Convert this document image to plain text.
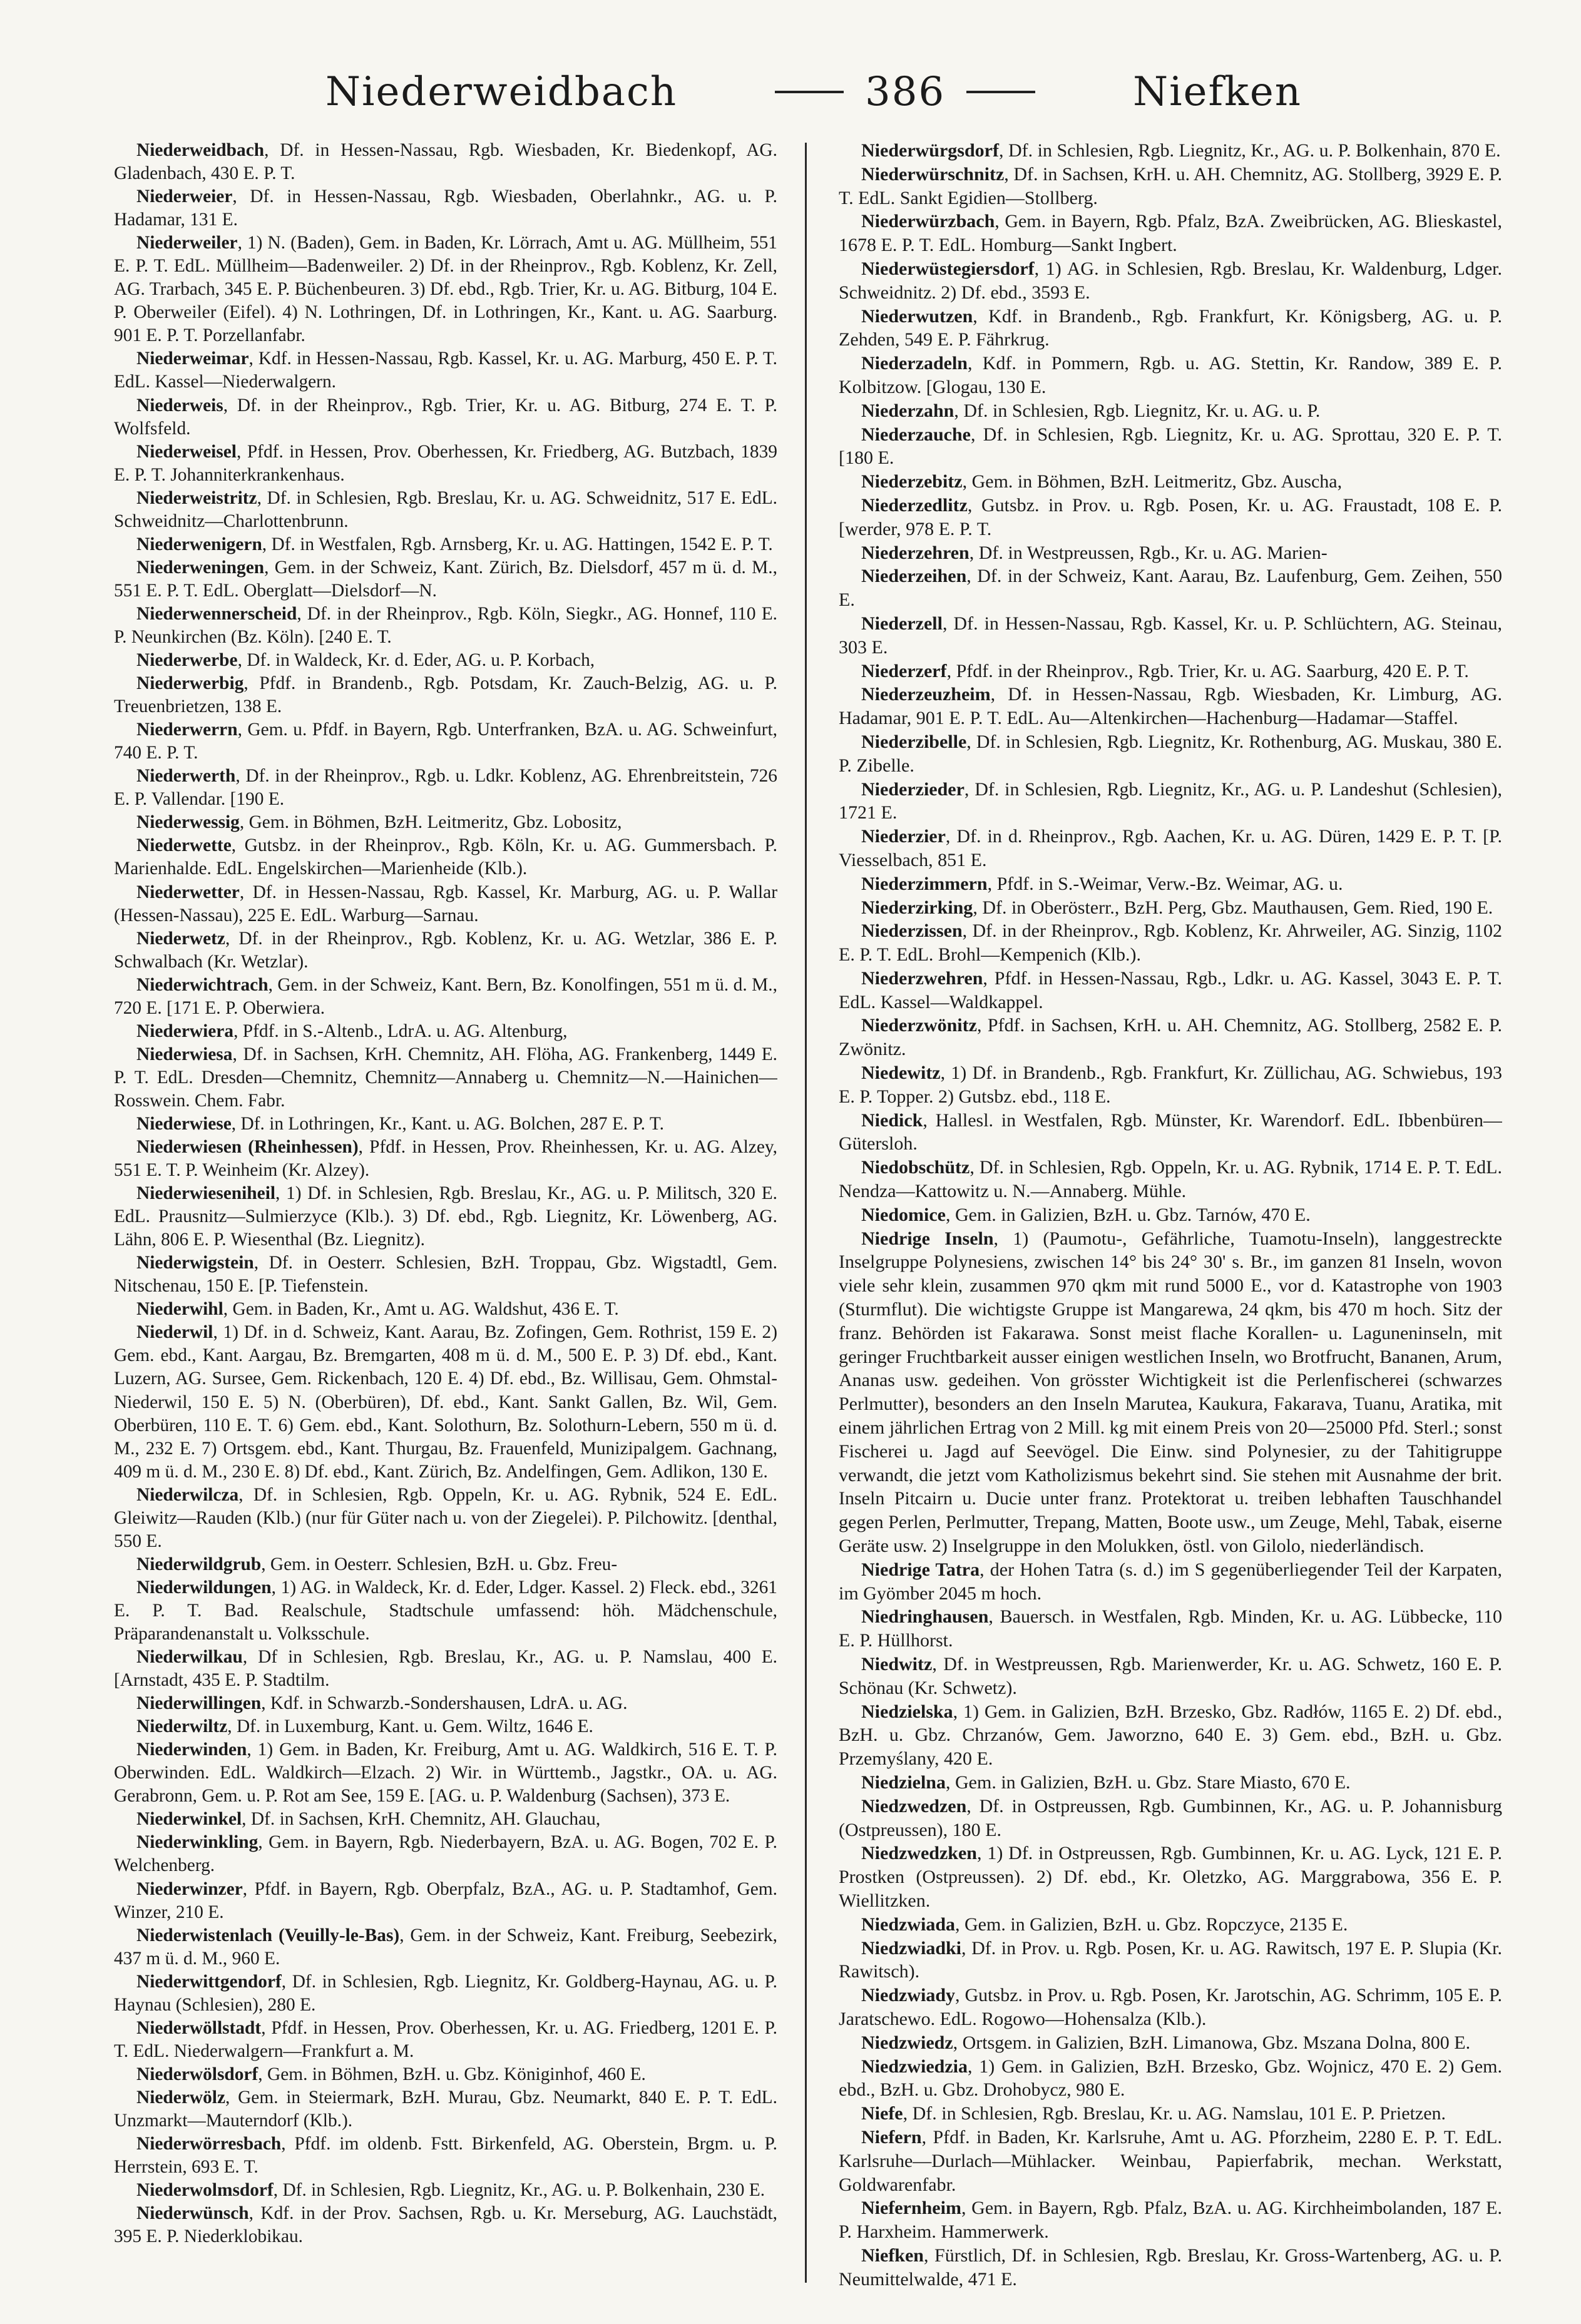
Niederweidbach	386	Niefken

Niederweidbach, Df. in Hessen-Nassau, Rgb. Wiesbaden, Kr. Biedenkopf, AG. Gladenbach, 430 E. P. T.

Niederweier, Df. in Hessen-Nassau, Rgb. Wiesbaden, Oberlahnkr., AG. u. P. Hadamar, 131 E.

Niederweiler, 1) N. (Baden), Gem. in Baden, Kr. Lörrach, Amt u. AG. Müllheim, 551 E. P. T. EdL. Müllheim—Badenweiler. 2) Df. in der Rheinprov., Rgb. Koblenz, Kr. Zell, AG. Trarbach, 345 E. P. Büchenbeuren. 3) Df. ebd., Rgb. Trier, Kr. u. AG. Bitburg, 104 E. P. Oberweiler (Eifel). 4) N. Lothringen, Df. in Lothringen, Kr., Kant. u. AG. Saarburg. 901 E. P. T. Porzellanfabr.

Niederweimar, Kdf. in Hessen-Nassau, Rgb. Kassel, Kr. u. AG. Marburg, 450 E. P. T. EdL. Kassel—Niederwalgern.

Niederweis, Df. in der Rheinprov., Rgb. Trier, Kr. u. AG. Bitburg, 274 E. T. P. Wolfsfeld.

Niederweisel, Pfdf. in Hessen, Prov. Oberhessen, Kr. Friedberg, AG. Butzbach, 1839 E. P. T. Johanniterkrankenhaus.

Niederweistritz, Df. in Schlesien, Rgb. Breslau, Kr. u. AG. Schweidnitz, 517 E. EdL. Schweidnitz—Charlottenbrunn.

Niederwenigern, Df. in Westfalen, Rgb. Arnsberg, Kr. u. AG. Hattingen, 1542 E. P. T.

Niederweningen, Gem. in der Schweiz, Kant. Zürich, Bz. Dielsdorf, 457 m ü. d. M., 551 E. P. T. EdL. Oberglatt—Dielsdorf—N.

Niederwennerscheid, Df. in der Rheinprov., Rgb. Köln, Siegkr., AG. Honnef, 110 E. P. Neunkirchen (Bz. Köln). [240 E. T.

Niederwerbe, Df. in Waldeck, Kr. d. Eder, AG. u. P. Korbach,

Niederwerbig, Pfdf. in Brandenb., Rgb. Potsdam, Kr. Zauch-Belzig, AG. u. P. Treuenbrietzen, 138 E.

Niederwerrn, Gem. u. Pfdf. in Bayern, Rgb. Unterfranken, BzA. u. AG. Schweinfurt, 740 E. P. T.

Niederwerth, Df. in der Rheinprov., Rgb. u. Ldkr. Koblenz, AG. Ehrenbreitstein, 726 E. P. Vallendar. [190 E.

Niederwessig, Gem. in Böhmen, BzH. Leitmeritz, Gbz. Lobositz,

Niederwette, Gutsbz. in der Rheinprov., Rgb. Köln, Kr. u. AG. Gummersbach. P. Marienhalde. EdL. Engelskirchen—Marienheide (Klb.).

Niederwetter, Df. in Hessen-Nassau, Rgb. Kassel, Kr. Marburg, AG. u. P. Wallar (Hessen-Nassau), 225 E. EdL. Warburg—Sarnau.

Niederwetz, Df. in der Rheinprov., Rgb. Koblenz, Kr. u. AG. Wetzlar, 386 E. P. Schwalbach (Kr. Wetzlar).

Niederwichtrach, Gem. in der Schweiz, Kant. Bern, Bz. Konolfingen, 551 m ü. d. M., 720 E. [171 E. P. Oberwiera.

Niederwiera, Pfdf. in S.-Altenb., LdrA. u. AG. Altenburg,

Niederwiesa, Df. in Sachsen, KrH. Chemnitz, AH. Flöha, AG. Frankenberg, 1449 E. P. T. EdL. Dresden—Chemnitz, Chemnitz—Annaberg u. Chemnitz—N.—Hainichen—Rosswein. Chem. Fabr.

Niederwiese, Df. in Lothringen, Kr., Kant. u. AG. Bolchen, 287 E. P. T.

Niederwiesen (Rheinhessen), Pfdf. in Hessen, Prov. Rheinhessen, Kr. u. AG. Alzey, 551 E. T. P. Weinheim (Kr. Alzey).

Niederwieseniheil, 1) Df. in Schlesien, Rgb. Breslau, Kr., AG. u. P. Militsch, 320 E. EdL. Prausnitz—Sulmierzyce (Klb.). 3) Df. ebd., Rgb. Liegnitz, Kr. Löwenberg, AG. Lähn, 806 E. P. Wiesenthal (Bz. Liegnitz).

Niederwigstein, Df. in Oesterr. Schlesien, BzH. Troppau, Gbz. Wigstadtl, Gem. Nitschenau, 150 E. [P. Tiefenstein.

Niederwihl, Gem. in Baden, Kr., Amt u. AG. Waldshut, 436 E. T.

Niederwil, 1) Df. in d. Schweiz, Kant. Aarau, Bz. Zofingen, Gem. Rothrist, 159 E. 2) Gem. ebd., Kant. Aargau, Bz. Bremgarten, 408 m ü. d. M., 500 E. P. 3) Df. ebd., Kant. Luzern, AG. Sursee, Gem. Rickenbach, 120 E. 4) Df. ebd., Bz. Willisau, Gem. Ohmstal-Niederwil, 150 E. 5) N. (Oberbüren), Df. ebd., Kant. Sankt Gallen, Bz. Wil, Gem. Oberbüren, 110 E. T. 6) Gem. ebd., Kant. Solothurn, Bz. Solothurn-Lebern, 550 m ü. d. M., 232 E. 7) Ortsgem. ebd., Kant. Thurgau, Bz. Frauenfeld, Munizipalgem. Gachnang, 409 m ü. d. M., 230 E. 8) Df. ebd., Kant. Zürich, Bz. Andelfingen, Gem. Adlikon, 130 E.

Niederwilcza, Df. in Schlesien, Rgb. Oppeln, Kr. u. AG. Rybnik, 524 E. EdL. Gleiwitz—Rauden (Klb.) (nur für Güter nach u. von der Ziegelei). P. Pilchowitz. [denthal, 550 E.

Niederwildgrub, Gem. in Oesterr. Schlesien, BzH. u. Gbz. Freu-

Niederwildungen, 1) AG. in Waldeck, Kr. d. Eder, Ldger. Kassel. 2) Fleck. ebd., 3261 E. P. T. Bad. Realschule, Stadtschule umfassend: höh. Mädchenschule, Präparandenanstalt u. Volksschule.

Niederwilkau, Df in Schlesien, Rgb. Breslau, Kr., AG. u. P. Namslau, 400 E. [Arnstadt, 435 E. P. Stadtilm.

Niederwillingen, Kdf. in Schwarzb.-Sondershausen, LdrA. u. AG.

Niederwiltz, Df. in Luxemburg, Kant. u. Gem. Wiltz, 1646 E.

Niederwinden, 1) Gem. in Baden, Kr. Freiburg, Amt u. AG. Waldkirch, 516 E. T. P. Oberwinden. EdL. Waldkirch—Elzach. 2) Wir. in Württemb., Jagstkr., OA. u. AG. Gerabronn, Gem. u. P. Rot am See, 159 E. [AG. u. P. Waldenburg (Sachsen), 373 E.

Niederwinkel, Df. in Sachsen, KrH. Chemnitz, AH. Glauchau,

Niederwinkling, Gem. in Bayern, Rgb. Niederbayern, BzA. u. AG. Bogen, 702 E. P. Welchenberg.

Niederwinzer, Pfdf. in Bayern, Rgb. Oberpfalz, BzA., AG. u. P. Stadtamhof, Gem. Winzer, 210 E.

Niederwistenlach (Veuilly-le-Bas), Gem. in der Schweiz, Kant. Freiburg, Seebezirk, 437 m ü. d. M., 960 E.

Niederwittgendorf, Df. in Schlesien, Rgb. Liegnitz, Kr. Goldberg-Haynau, AG. u. P. Haynau (Schlesien), 280 E.

Niederwöllstadt, Pfdf. in Hessen, Prov. Oberhessen, Kr. u. AG. Friedberg, 1201 E. P. T. EdL. Niederwalgern—Frankfurt a. M.

Niederwölsdorf, Gem. in Böhmen, BzH. u. Gbz. Königinhof, 460 E.

Niederwölz, Gem. in Steiermark, BzH. Murau, Gbz. Neumarkt, 840 E. P. T. EdL. Unzmarkt—Mauterndorf (Klb.).

Niederwörresbach, Pfdf. im oldenb. Fstt. Birkenfeld, AG. Oberstein, Brgm. u. P. Herrstein, 693 E. T.

Niederwolmsdorf, Df. in Schlesien, Rgb. Liegnitz, Kr., AG. u. P. Bolkenhain, 230 E.

Niederwünsch, Kdf. in der Prov. Sachsen, Rgb. u. Kr. Merseburg, AG. Lauchstädt, 395 E. P. Niederklobikau.

Niederwürgsdorf, Df. in Schlesien, Rgb. Liegnitz, Kr., AG. u. P. Bolkenhain, 870 E.

Niederwürschnitz, Df. in Sachsen, KrH. u. AH. Chemnitz, AG. Stollberg, 3929 E. P. T. EdL. Sankt Egidien—Stollberg.

Niederwürzbach, Gem. in Bayern, Rgb. Pfalz, BzA. Zweibrücken, AG. Blieskastel, 1678 E. P. T. EdL. Homburg—Sankt Ingbert.

Niederwüstegiersdorf, 1) AG. in Schlesien, Rgb. Breslau, Kr. Waldenburg, Ldger. Schweidnitz. 2) Df. ebd., 3593 E.

Niederwutzen, Kdf. in Brandenb., Rgb. Frankfurt, Kr. Königsberg, AG. u. P. Zehden, 549 E. P. Fährkrug.

Niederzadeln, Kdf. in Pommern, Rgb. u. AG. Stettin, Kr. Randow, 389 E. P. Kolbitzow. [Glogau, 130 E.

Niederzahn, Df. in Schlesien, Rgb. Liegnitz, Kr. u. AG. u. P.

Niederzauche, Df. in Schlesien, Rgb. Liegnitz, Kr. u. AG. Sprottau, 320 E. P. T. [180 E.

Niederzebitz, Gem. in Böhmen, BzH. Leitmeritz, Gbz. Auscha,

Niederzedlitz, Gutsbz. in Prov. u. Rgb. Posen, Kr. u. AG. Fraustadt, 108 E. P. [werder, 978 E. P. T.

Niederzehren, Df. in Westpreussen, Rgb., Kr. u. AG. Marien-

Niederzeihen, Df. in der Schweiz, Kant. Aarau, Bz. Laufenburg, Gem. Zeihen, 550 E.

Niederzell, Df. in Hessen-Nassau, Rgb. Kassel, Kr. u. P. Schlüchtern, AG. Steinau, 303 E.

Niederzerf, Pfdf. in der Rheinprov., Rgb. Trier, Kr. u. AG. Saarburg, 420 E. P. T.

Niederzeuzheim, Df. in Hessen-Nassau, Rgb. Wiesbaden, Kr. Limburg, AG. Hadamar, 901 E. P. T. EdL. Au—Altenkirchen—Hachenburg—Hadamar—Staffel.

Niederzibelle, Df. in Schlesien, Rgb. Liegnitz, Kr. Rothenburg, AG. Muskau, 380 E. P. Zibelle.

Niederzieder, Df. in Schlesien, Rgb. Liegnitz, Kr., AG. u. P. Landeshut (Schlesien), 1721 E.

Niederzier, Df. in d. Rheinprov., Rgb. Aachen, Kr. u. AG. Düren, 1429 E. P. T. [P. Viesselbach, 851 E.

Niederzimmern, Pfdf. in S.-Weimar, Verw.-Bz. Weimar, AG. u.

Niederzirking, Df. in Oberösterr., BzH. Perg, Gbz. Mauthausen, Gem. Ried, 190 E.

Niederzissen, Df. in der Rheinprov., Rgb. Koblenz, Kr. Ahrweiler, AG. Sinzig, 1102 E. P. T. EdL. Brohl—Kempenich (Klb.).

Niederzwehren, Pfdf. in Hessen-Nassau, Rgb., Ldkr. u. AG. Kassel, 3043 E. P. T. EdL. Kassel—Waldkappel.

Niederzwönitz, Pfdf. in Sachsen, KrH. u. AH. Chemnitz, AG. Stollberg, 2582 E. P. Zwönitz.

Niedewitz, 1) Df. in Brandenb., Rgb. Frankfurt, Kr. Züllichau, AG. Schwiebus, 193 E. P. Topper. 2) Gutsbz. ebd., 118 E.

Niedick, Hallesl. in Westfalen, Rgb. Münster, Kr. Warendorf. EdL. Ibbenbüren—Gütersloh.

Niedobschütz, Df. in Schlesien, Rgb. Oppeln, Kr. u. AG. Rybnik, 1714 E. P. T. EdL. Nendza—Kattowitz u. N.—Annaberg. Mühle.

Niedomice, Gem. in Galizien, BzH. u. Gbz. Tarnów, 470 E.

Niedrige Inseln, 1) (Paumotu-, Gefährliche, Tuamotu-Inseln), langgestreckte Inselgruppe Polynesiens, zwischen 14° bis 24° 30' s. Br., im ganzen 81 Inseln, wovon viele sehr klein, zusammen 970 qkm mit rund 5000 E., vor d. Katastrophe von 1903 (Sturmflut). Die wichtigste Gruppe ist Mangarewa, 24 qkm, bis 470 m hoch. Sitz der franz. Behörden ist Fakarawa. Sonst meist flache Korallen- u. Laguneninseln, mit geringer Fruchtbarkeit ausser einigen westlichen Inseln, wo Brotfrucht, Bananen, Arum, Ananas usw. gedeihen. Von grösster Wichtigkeit ist die Perlenfischerei (schwarzes Perlmutter), besonders an den Inseln Marutea, Kaukura, Fakarava, Tuanu, Aratika, mit einem jährlichen Ertrag von 2 Mill. kg mit einem Preis von 20—25000 Pfd. Sterl.; sonst Fischerei u. Jagd auf Seevögel. Die Einw. sind Polynesier, zu der Tahitigruppe verwandt, die jetzt vom Katholizismus bekehrt sind. Sie stehen mit Ausnahme der brit. Inseln Pitcairn u. Ducie unter franz. Protektorat u. treiben lebhaften Tauschhandel gegen Perlen, Perlmutter, Trepang, Matten, Boote usw., um Zeuge, Mehl, Tabak, eiserne Geräte usw. 2) Inselgruppe in den Molukken, östl. von Gilolo, niederländisch.

Niedrige Tatra, der Hohen Tatra (s. d.) im S gegenüberliegender Teil der Karpaten, im Gyömber 2045 m hoch.

Niedringhausen, Bauersch. in Westfalen, Rgb. Minden, Kr. u. AG. Lübbecke, 110 E. P. Hüllhorst.

Niedwitz, Df. in Westpreussen, Rgb. Marienwerder, Kr. u. AG. Schwetz, 160 E. P. Schönau (Kr. Schwetz).

Niedzielska, 1) Gem. in Galizien, BzH. Brzesko, Gbz. Radłów, 1165 E. 2) Df. ebd., BzH. u. Gbz. Chrzanów, Gem. Jaworzno, 640 E. 3) Gem. ebd., BzH. u. Gbz. Przemyślany, 420 E.

Niedzielna, Gem. in Galizien, BzH. u. Gbz. Stare Miasto, 670 E.

Niedzwedzen, Df. in Ostpreussen, Rgb. Gumbinnen, Kr., AG. u. P. Johannisburg (Ostpreussen), 180 E.

Niedzwedzken, 1) Df. in Ostpreussen, Rgb. Gumbinnen, Kr. u. AG. Lyck, 121 E. P. Prostken (Ostpreussen). 2) Df. ebd., Kr. Oletzko, AG. Marggrabowa, 356 E. P. Wiellitzken.

Niedzwiada, Gem. in Galizien, BzH. u. Gbz. Ropczyce, 2135 E.

Niedzwiadki, Df. in Prov. u. Rgb. Posen, Kr. u. AG. Rawitsch, 197 E. P. Slupia (Kr. Rawitsch).

Niedzwiady, Gutsbz. in Prov. u. Rgb. Posen, Kr. Jarotschin, AG. Schrimm, 105 E. P. Jaratschewo. EdL. Rogowo—Hohensalza (Klb.).

Niedzwiedz, Ortsgem. in Galizien, BzH. Limanowa, Gbz. Mszana Dolna, 800 E.

Niedzwiedzia, 1) Gem. in Galizien, BzH. Brzesko, Gbz. Wojnicz, 470 E. 2) Gem. ebd., BzH. u. Gbz. Drohobycz, 980 E.

Niefe, Df. in Schlesien, Rgb. Breslau, Kr. u. AG. Namslau, 101 E. P. Prietzen.

Niefern, Pfdf. in Baden, Kr. Karlsruhe, Amt u. AG. Pforzheim, 2280 E. P. T. EdL. Karlsruhe—Durlach—Mühlacker. Weinbau, Papierfabrik, mechan. Werkstatt, Goldwarenfabr.

Niefernheim, Gem. in Bayern, Rgb. Pfalz, BzA. u. AG. Kirchheimbolanden, 187 E. P. Harxheim. Hammerwerk.

Niefken, Fürstlich, Df. in Schlesien, Rgb. Breslau, Kr. Gross-Wartenberg, AG. u. P. Neumittelwalde, 471 E.
